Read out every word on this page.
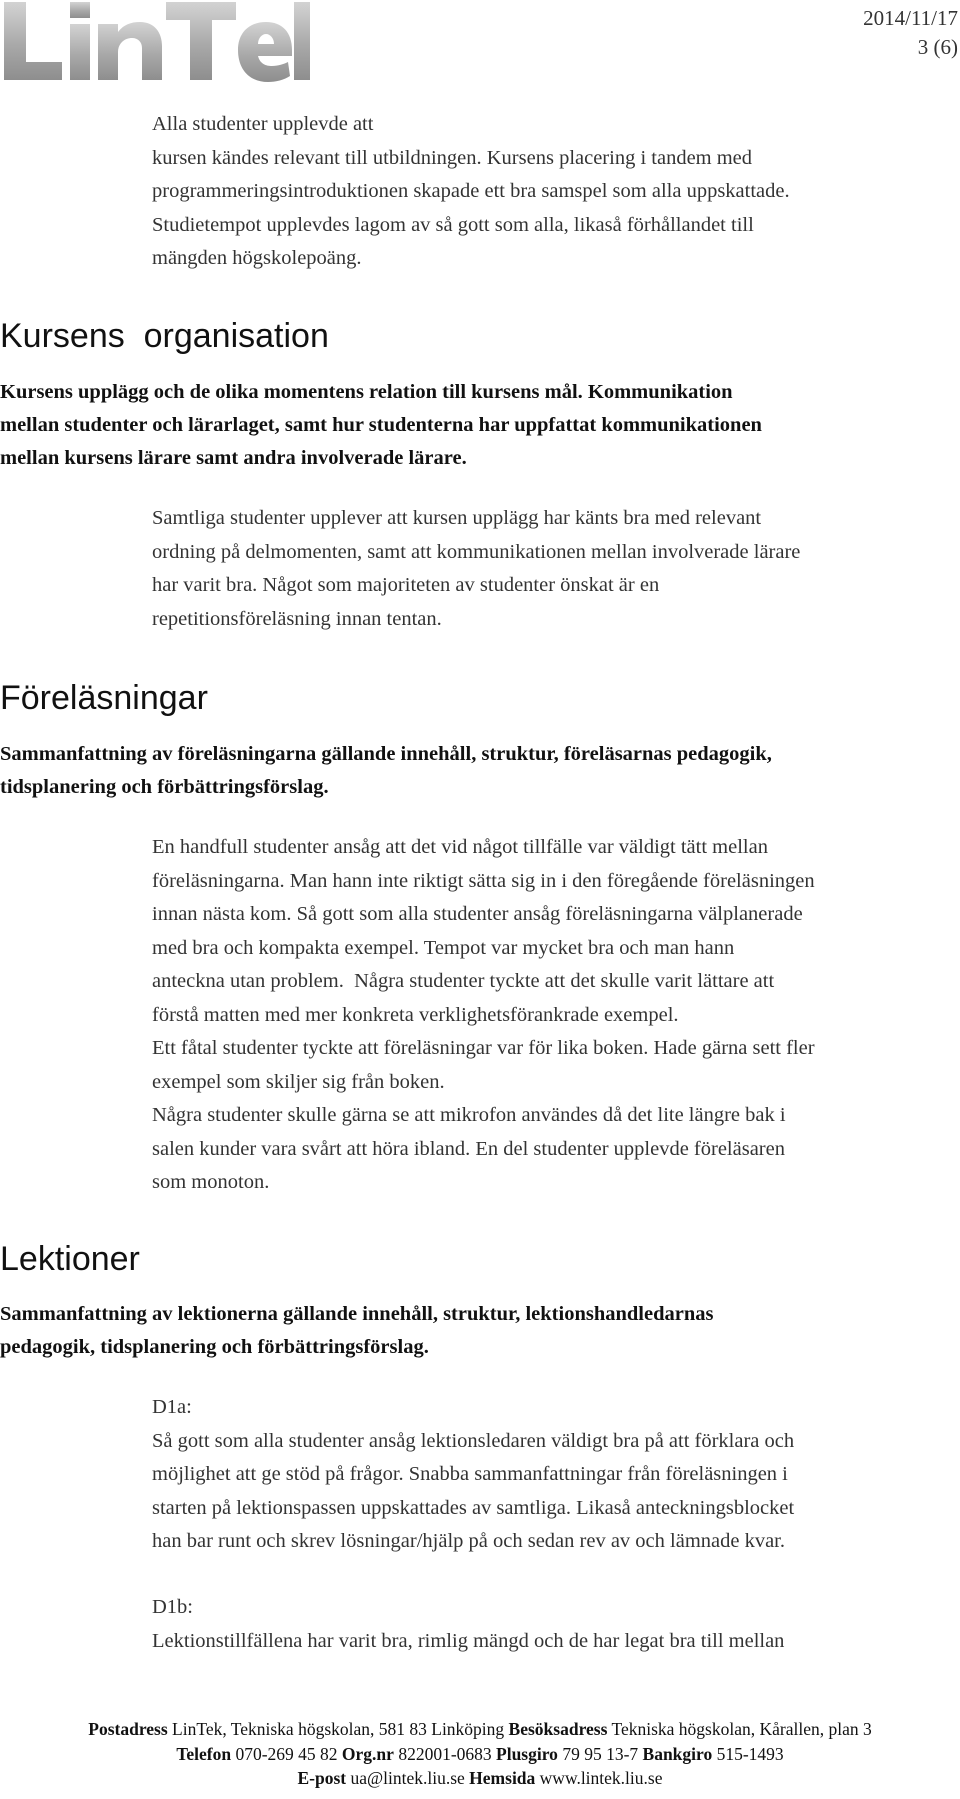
2014/11/17
3 (6)
Alla studenter upplevde att
kursen kändes relevant till utbildningen. Kursens placering i tandem med
programmeringsintroduktionen skapade ett bra samspel som alla uppskattade.
Studietempot upplevdes lagom av så gott som alla, likaså förhållandet till
mängden högskolepoäng.
Kursens  organisation
Kursens upplägg och de olika momentens relation till kursens mål. Kommunikation
mellan studenter och lärarlaget, samt hur studenterna har uppfattat kommunikationen
mellan kursens lärare samt andra involverade lärare.
Samtliga studenter upplever att kursen upplägg har känts bra med relevant
ordning på delmomenten, samt att kommunikationen mellan involverade lärare
har varit bra. Något som majoriteten av studenter önskat är en
repetitionsföreläsning innan tentan.
Föreläsningar
Sammanfattning av föreläsningarna gällande innehåll, struktur, föreläsarnas pedagogik,
tidsplanering och förbättringsförslag.
En handfull studenter ansåg att det vid något tillfälle var väldigt tätt mellan
föreläsningarna. Man hann inte riktigt sätta sig in i den föregående föreläsningen
innan nästa kom. Så gott som alla studenter ansåg föreläsningarna välplanerade
med bra och kompakta exempel. Tempot var mycket bra och man hann
anteckna utan problem.  Några studenter tyckte att det skulle varit lättare att
förstå matten med mer konkreta verklighetsförankrade exempel.
Ett fåtal studenter tyckte att föreläsningar var för lika boken. Hade gärna sett fler
exempel som skiljer sig från boken.
Några studenter skulle gärna se att mikrofon användes då det lite längre bak i
salen kunder vara svårt att höra ibland. En del studenter upplevde föreläsaren
som monoton.
Lektioner
Sammanfattning av lektionerna gällande innehåll, struktur, lektionshandledarnas
pedagogik, tidsplanering och förbättringsförslag.
D1a:
Så gott som alla studenter ansåg lektionsledaren väldigt bra på att förklara och
möjlighet att ge stöd på frågor. Snabba sammanfattningar från föreläsningen i
starten på lektionspassen uppskattades av samtliga. Likaså anteckningsblocket
han bar runt och skrev lösningar/hjälp på och sedan rev av och lämnade kvar.
D1b:
Lektionstillfällena har varit bra, rimlig mängd och de har legat bra till mellan
Postadress LinTek, Tekniska högskolan, 581 83 Linköping Besöksadress Tekniska högskolan, Kårallen, plan 3
Telefon 070-269 45 82 Org.nr 822001-0683 Plusgiro 79 95 13-7 Bankgiro 515-1493
E-post ua@lintek.liu.se Hemsida www.lintek.liu.se
